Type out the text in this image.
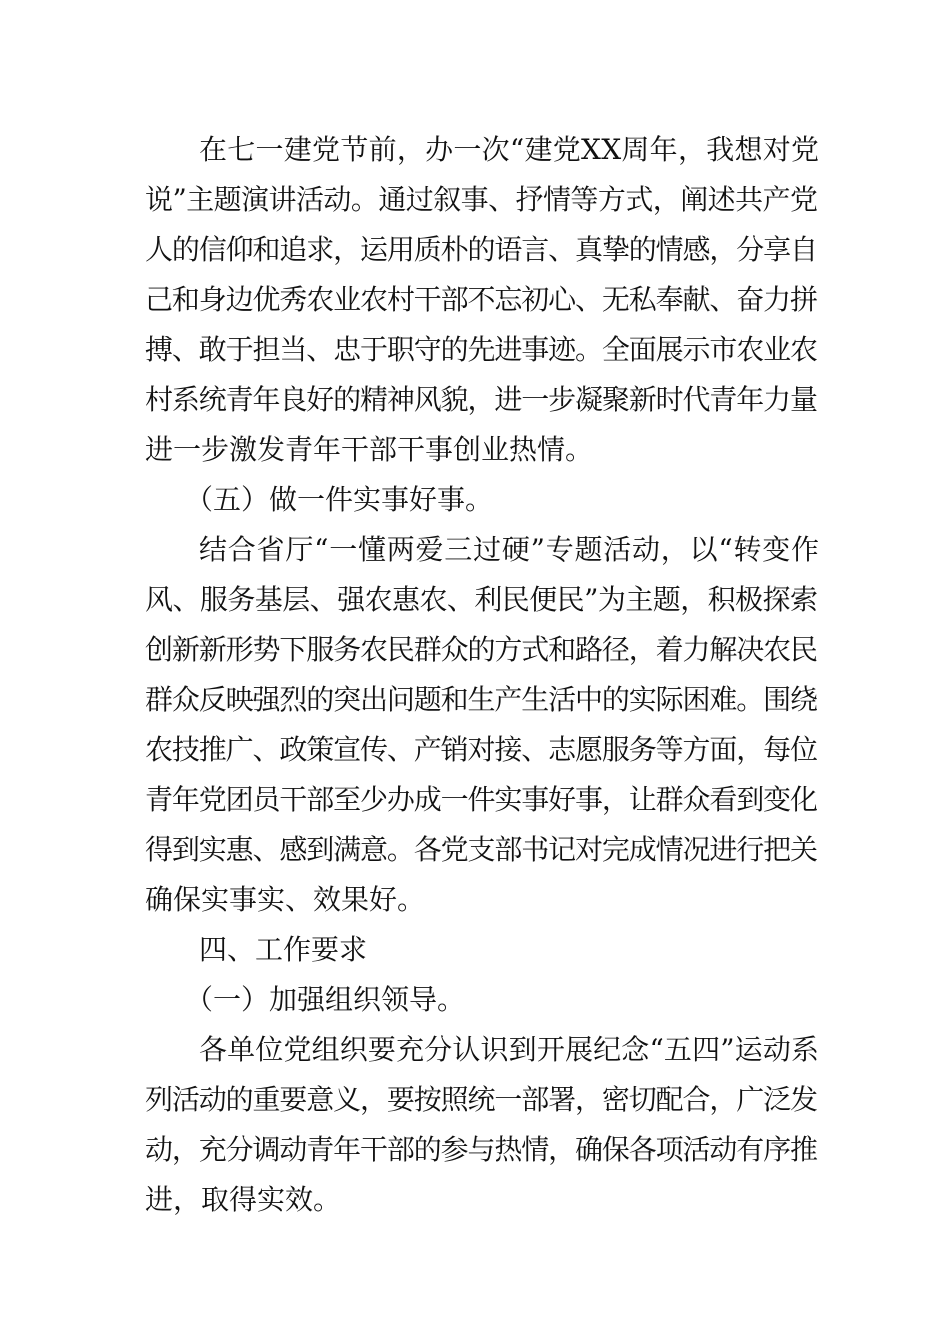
在七一建党节前，办一次“建党XX周年，我想对党
说”主题演讲活动。通过叙事、抒情等方式，阐述共产党
人的信仰和追求，运用质朴的语言、真挚的情感，分享自
己和身边优秀农业农村干部不忘初心、无私奉献、奋力拼
搏、敢于担当、忠于职守的先进事迹。全面展示市农业农
村系统青年良好的精神风貌，进一步凝聚新时代青年力量
进一步激发青年干部干事创业热情。
（五）做一件实事好事。
结合省厅“一懂两爱三过硬”专题活动，以“转变作
风、服务基层、强农惠农、利民便民”为主题，积极探索
创新新形势下服务农民群众的方式和路径，着力解决农民
群众反映强烈的突出问题和生产生活中的实际困难。围绕
农技推广、政策宣传、产销对接、志愿服务等方面，每位
青年党团员干部至少办成一件实事好事，让群众看到变化
得到实惠、感到满意。各党支部书记对完成情况进行把关
确保实事实、效果好。
四、工作要求
（一）加强组织领导。
各单位党组织要充分认识到开展纪念“五四”运动系
列活动的重要意义，要按照统一部署，密切配合，广泛发
动，充分调动青年干部的参与热情，确保各项活动有序推
进，取得实效。
